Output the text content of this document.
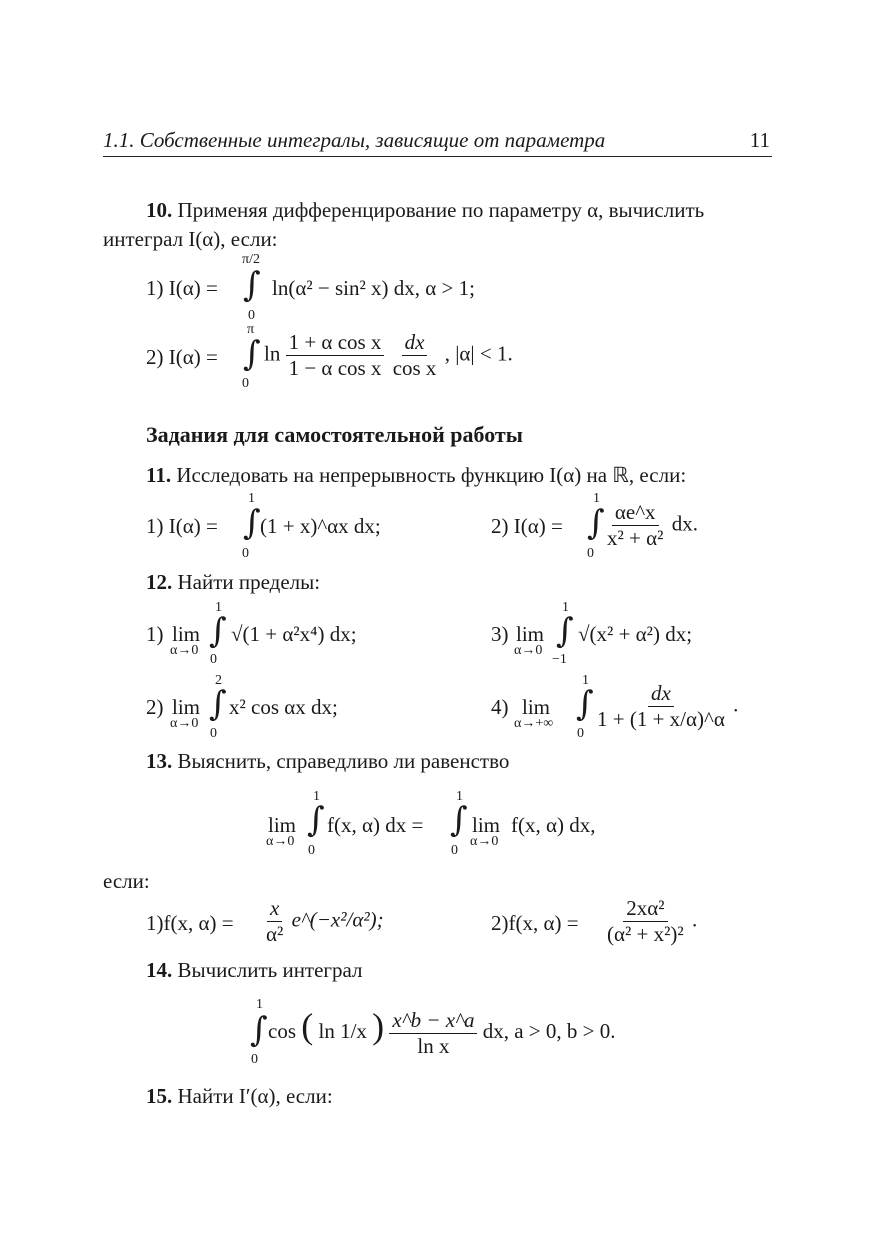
1.1. Собственные интегралы, зависящие от параметра	11
10. Применяя дифференцирование по параметру α, вычислить
интеграл I(α), если:
1) I(α) =
π/2
∫
0
ln(α² − sin² x) dx, α > 1;
2) I(α) =
π
∫
0
$\ln \frac{\text{1 + α cos x}}{\text{1 − α cos x}}$
$\frac{dx}{\text{cos x}}$ , |α| < 1.
Задания для самостоятельной работы
11. Исследовать на непрерывность функцию I(α) на ℝ, если:
1) I(α) =
1
∫
0
(1 + x)^αx dx;	2) I(α) =
1
∫
0
$\frac{\alpha e\^{}x}{\text{x² + α²}}$ dx.
12. Найти пределы:
1) lim
α→0
1
∫
0
√(1 + α²x⁴) dx;	3) lim
α→0
1
∫
−1
√(x² + α²) dx;
2) lim
α→0
2
∫
0
x² cos αx dx;	4) lim
α→+∞
1
∫
0
$\frac{dx}{1 + (1 + x/\alpha)\^{}\alpha}$ .
13. Выяснить, справедливо ли равенство
lim
α→0
1
∫
0
f(x, α) dx =
1
∫
0
lim
α→0
f(x, α) dx,
если:
1)f(x, $\alpha) = \frac{x}{\text{α²}}$ e^(−x²/α²);	2)f(x, $\alpha) = \frac{\text{2xα²}}{\text{(α² + x²)²}}$ .
14. Вычислить интеграл
1
∫
0
cos ( ln 1/x ) $\frac{x\^{}b - x\^{}a}{\text{ln x}}$ dx, a > 0, b > 0.
15. Найти I′(α), если:
